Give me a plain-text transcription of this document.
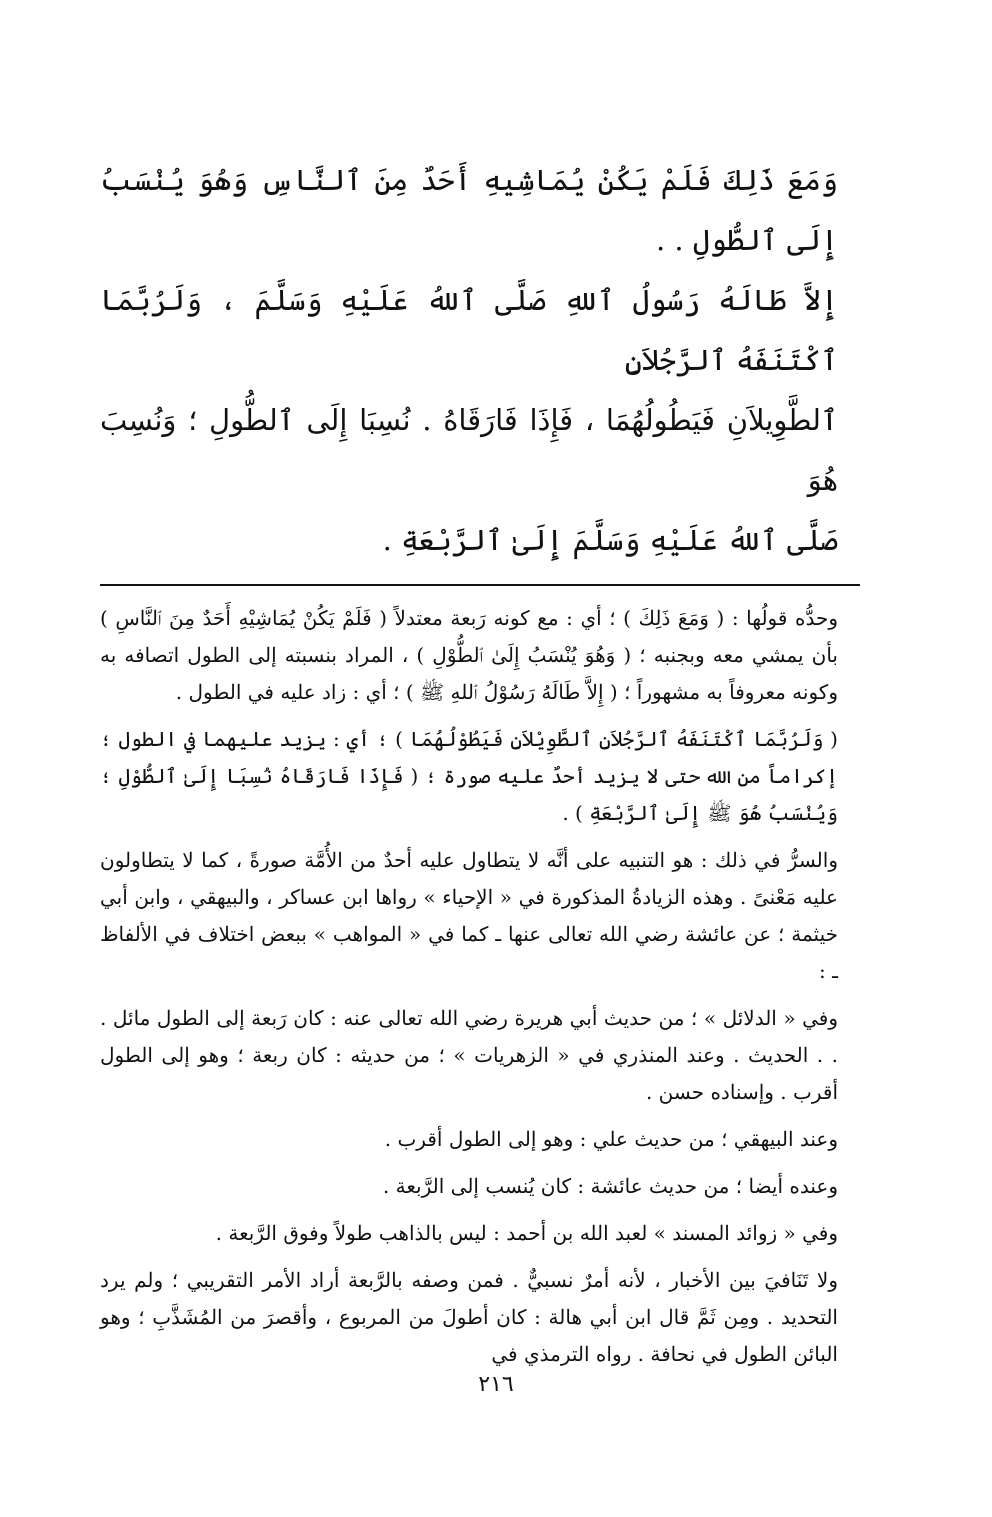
وَمَعَ ذَلِكَ فَلَمْ يَكُنْ يُمَاشِيهِ أَحَدٌ مِنَ ٱلنَّاسِ وَهُوَ يُنْسَبُ إِلَى ٱلطُّولِ . .
إِلاَّ طَالَهُ رَسُولُ ٱللهِ صَلَّى ٱللهُ عَلَيْهِ وَسَلَّمَ ، وَلَرُبَّمَا ٱكْتَنَفَهُ ٱلرَّجُلاَنِ
ٱلطَّوِيلاَنِ فَيَطُولُهُمَا ، فَإِذَا فَارَقَاهُ . نُسِبَا إِلَى ٱلطُّولِ ؛ وَنُسِبَ هُوَ
صَلَّى ٱللهُ عَلَيْهِ وَسَلَّمَ إِلَىٰ ٱلرَّبْعَةِ .

وحدُّه قولُها : ( وَمَعَ ذَلِكَ ) ؛ أي : مع كونه رَبعة معتدلاً ( فَلَمْ يَكُنْ يُمَاشِيْهِ أَحَدٌ مِنَ ٱلنَّاسِ ) بأن يمشي معه وبجنبه ؛ ( وَهُوَ يُنْسَبُ إِلَىٰ ٱلطُّوْلِ ) ، المراد بنسبته إلى الطول اتصافه به وكونه معروفاً به مشهوراً ؛ ( إِلاَّ طَالَهُ رَسُوْلُ ٱللهِ ﷺ ) ؛ أي : زاد عليه في الطول .

( وَلَرُبَّمَا ٱكْتَنَفَهُ ٱلرَّجُلاَنِ ٱلطَّوِيْلاَنِ فَيَطُوْلُهُمَا ) ؛ أي : يزيد عليهما في الطول ؛ إكراماً من الله حتى لا يزيد أحدٌ عليه صورة ؛ ( فَإِذَا فَارَقَاهُ نُسِبَا إِلَىٰ ٱلطُّوْلِ ؛ وَيُنْسَبُ هُوَ ﷺ إِلَىٰ ٱلرَّبْعَةِ ) .

والسرُّ في ذلك : هو التنبيه على أنَّه لا يتطاول عليه أحدٌ من الأُمَّة صورةً ، كما لا يتطاولون عليه مَعْنىً . وهذه الزيادةُ المذكورة في « الإحياء » رواها ابن عساكر ، والبيهقي ، وابن أبي خيثمة ؛ عن عائشة رضي الله تعالى عنها ـ كما في « المواهب » ببعض اختلاف في الألفاظ ـ :

وفي « الدلائل » ؛ من حديث أبي هريرة رضي الله تعالى عنه : كان رَبعة إلى الطول مائل . . . الحديث . وعند المنذري في « الزهريات » ؛ من حديثه : كان ربعة ؛ وهو إلى الطول أقرب . وإسناده حسن .

وعند البيهقي ؛ من حديث علي : وهو إلى الطول أقرب .

وعنده أيضا ؛ من حديث عائشة : كان يُنسب إلى الرَّبعة .

وفي « زوائد المسند » لعبد الله بن أحمد : ليس بالذاهب طولاً وفوق الرَّبعة .

ولا تَنَافيَ بين الأخبار ، لأنه أمرٌ نسبيٌّ . فمن وصفه بالرَّبعة أراد الأمر التقريبي ؛ ولم يرد التحديد . ومِن ثَمَّ قال ابن أبي هالة : كان أطولَ من المربوع ، وأقصرَ من المُشَذَّبِ ؛ وهو البائن الطول في نحافة . رواه الترمذي في

٢١٦
